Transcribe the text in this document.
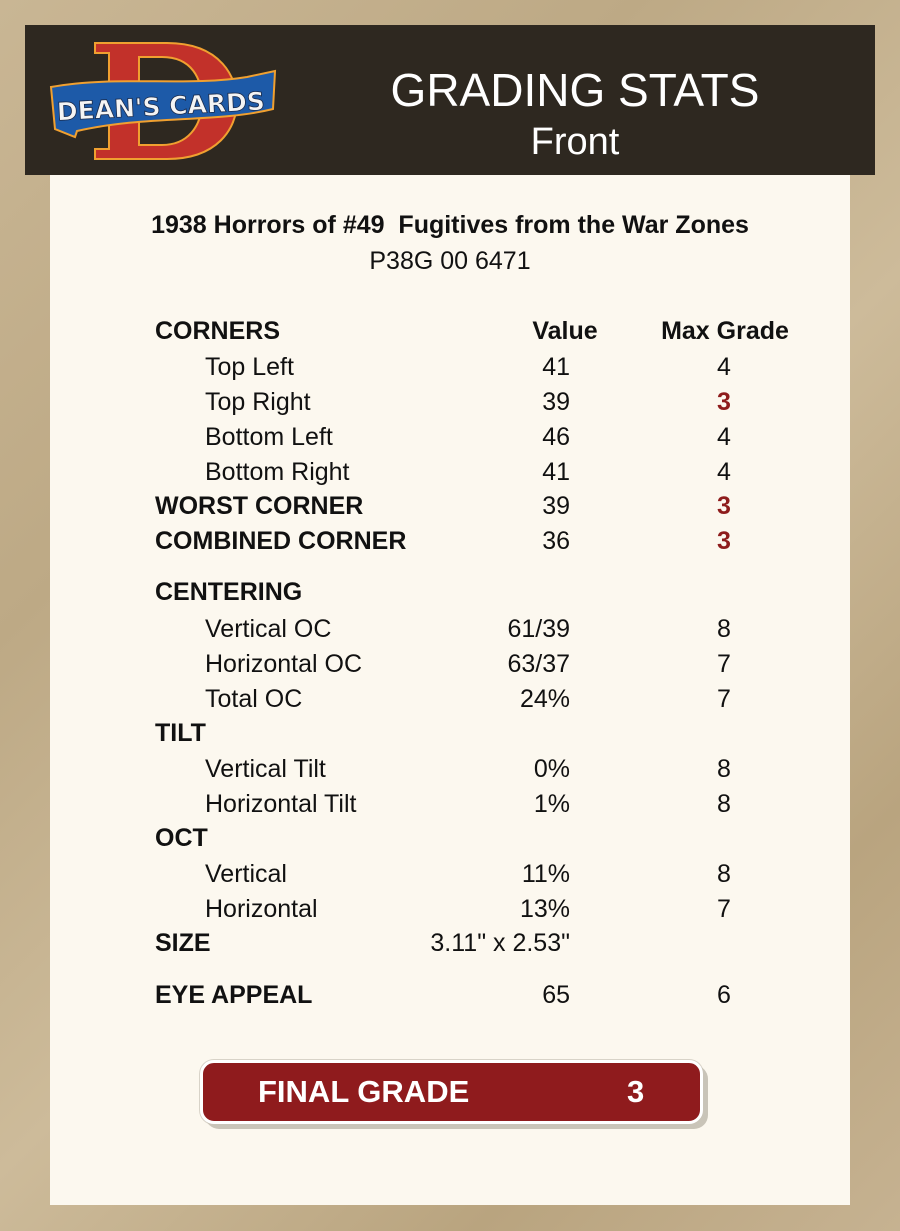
DEAN'S CARDS	GRADING STATS
Front
1938 Horrors of #49  Fugitives from the War Zones
P38G 00 6471
CORNERS	Value	Max Grade
Top Left	41	4
Top Right	39	3
Bottom Left	46	4
Bottom Right	41	4
WORST CORNER	39	3
COMBINED CORNER	36	3
CENTERING
Vertical OC	61/39	8
Horizontal OC	63/37	7
Total OC	24%	7
TILT
Vertical Tilt	0%	8
Horizontal Tilt	1%	8
OCT
Vertical	11%	8
Horizontal	13%	7
SIZE	3.11" x 2.53"
EYE APPEAL	65	6
FINAL GRADE	3
